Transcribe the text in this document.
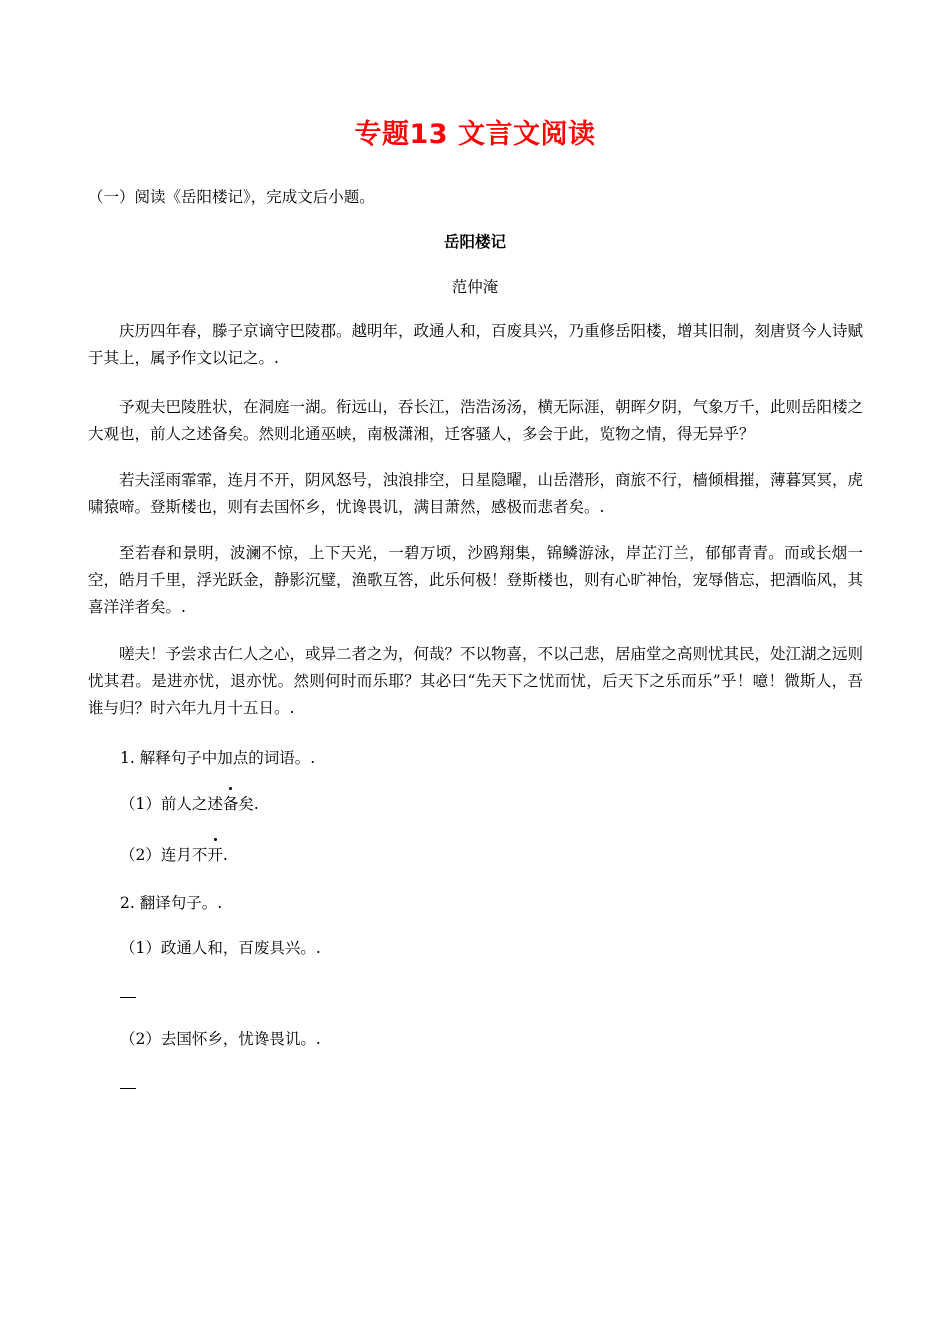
专题13 文言文阅读
（一）阅读《岳阳楼记》，完成文后小题。
岳阳楼记
范仲淹
庆历四年春，滕子京谪守巴陵郡。越明年，政通人和，百废具兴，乃重修岳阳楼，增其旧制，刻唐贤今人诗赋于其上，属予作文以记之。.
予观夫巴陵胜状，在洞庭一湖。衔远山，吞长江，浩浩汤汤，横无际涯，朝晖夕阴，气象万千，此则岳阳楼之大观也，前人之述备矣。然则北通巫峡，南极潇湘，迁客骚人，多会于此，览物之情，得无异乎？
若夫淫雨霏霏，连月不开，阴风怒号，浊浪排空，日星隐曜，山岳潜形，商旅不行，樯倾楫摧，薄暮冥冥，虎啸猿啼。登斯楼也，则有去国怀乡，忧谗畏讥，满目萧然，感极而悲者矣。.
至若春和景明，波澜不惊，上下天光，一碧万顷，沙鸥翔集，锦鳞游泳，岸芷汀兰，郁郁青青。而或长烟一空，皓月千里，浮光跃金，静影沉璧，渔歌互答，此乐何极！登斯楼也，则有心旷神怡，宠辱偕忘，把酒临风，其喜洋洋者矣。.
嗟夫！予尝求古仁人之心，或异二者之为，何哉？不以物喜，不以己悲，居庙堂之高则忧其民，处江湖之远则忧其君。是进亦忧，退亦忧。然则何时而乐耶？其必曰“先天下之忧而忧，后天下之乐而乐”乎！噫！微斯人，吾谁与归？时六年九月十五日。.
1. 解释句子中加点的词语。.
（1）前人之述备矣.
（2）连月不开.
2. 翻译句子。.
（1）政通人和，百废具兴。.
（2）去国怀乡，忧谗畏讥。.
